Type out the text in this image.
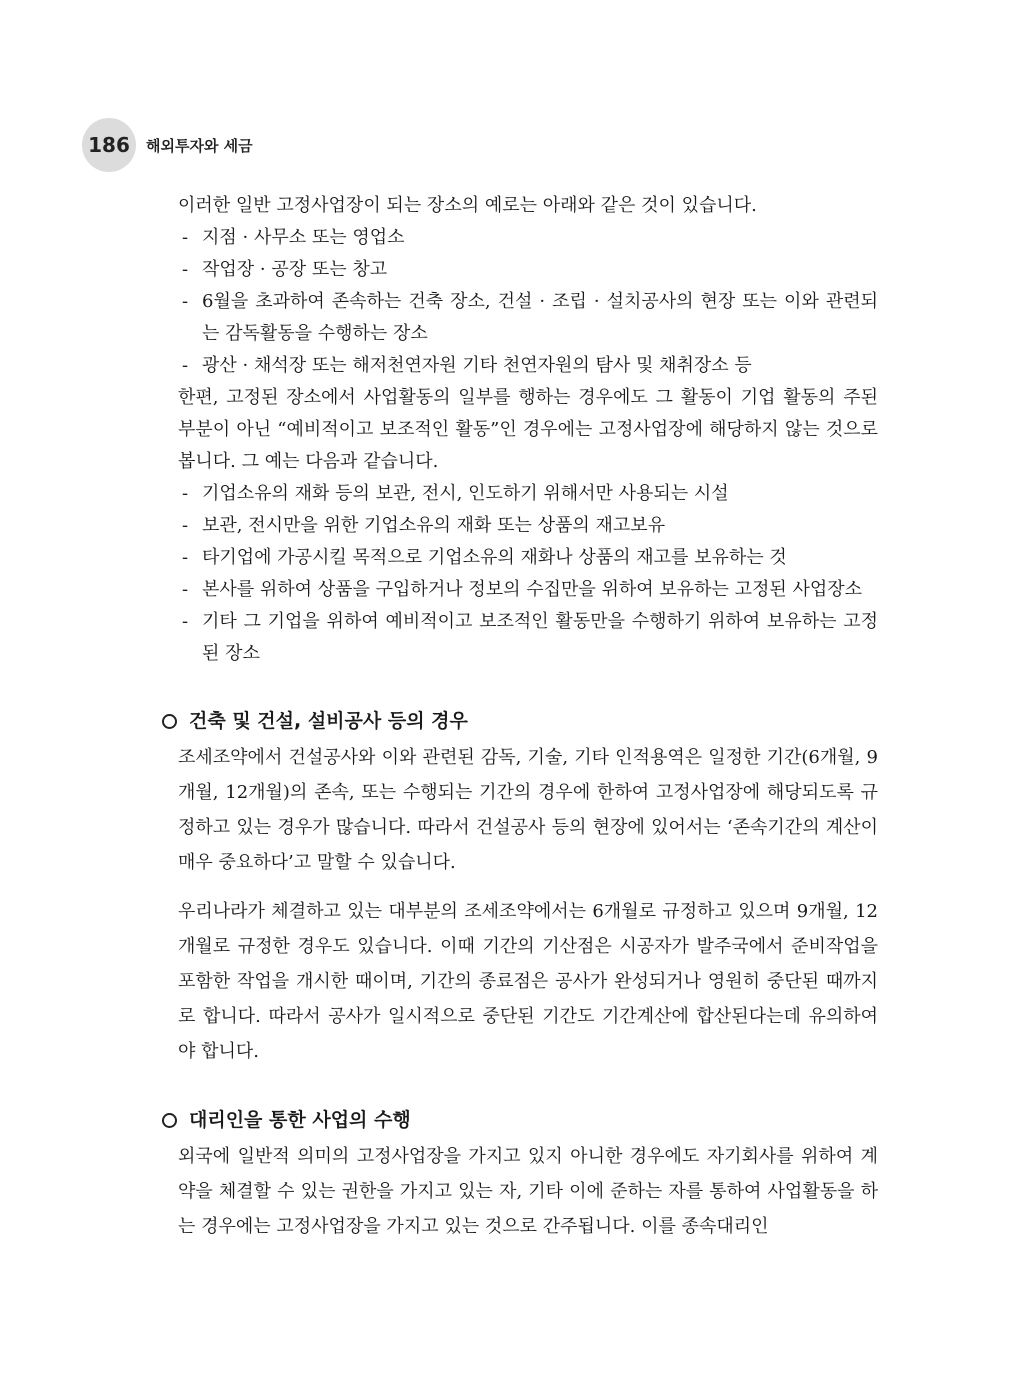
186	해외투자와 세금

이러한 일반 고정사업장이 되는 장소의 예로는 아래와 같은 것이 있습니다.

- 지점 · 사무소 또는 영업소
- 작업장 · 공장 또는 창고
- 6월을 초과하여 존속하는 건축 장소, 건설 · 조립 · 설치공사의 현장 또는 이와 관련되는 감독활동을 수행하는 장소
- 광산 · 채석장 또는 해저천연자원 기타 천연자원의 탐사 및 채취장소 등

한편, 고정된 장소에서 사업활동의 일부를 행하는 경우에도 그 활동이 기업 활동의 주된 부분이 아닌 “예비적이고 보조적인 활동”인 경우에는 고정사업장에 해당하지 않는 것으로 봅니다. 그 예는 다음과 같습니다.

- 기업소유의 재화 등의 보관, 전시, 인도하기 위해서만 사용되는 시설
- 보관, 전시만을 위한 기업소유의 재화 또는 상품의 재고보유
- 타기업에 가공시킬 목적으로 기업소유의 재화나 상품의 재고를 보유하는 것
- 본사를 위하여 상품을 구입하거나 정보의 수집만을 위하여 보유하는 고정된 사업장소
- 기타 그 기업을 위하여 예비적이고 보조적인 활동만을 수행하기 위하여 보유하는 고정된 장소
건축 및 건설, 설비공사 등의 경우

조세조약에서 건설공사와 이와 관련된 감독, 기술, 기타 인적용역은 일정한 기간(6개월, 9개월, 12개월)의 존속, 또는 수행되는 기간의 경우에 한하여 고정사업장에 해당되도록 규정하고 있는 경우가 많습니다. 따라서 건설공사 등의 현장에 있어서는 ‘존속기간의 계산이 매우 중요하다’고 말할 수 있습니다.

우리나라가 체결하고 있는 대부분의 조세조약에서는 6개월로 규정하고 있으며 9개월, 12개월로 규정한 경우도 있습니다. 이때 기간의 기산점은 시공자가 발주국에서 준비작업을 포함한 작업을 개시한 때이며, 기간의 종료점은 공사가 완성되거나 영원히 중단된 때까지로 합니다. 따라서 공사가 일시적으로 중단된 기간도 기간계산에 합산된다는데 유의하여야 합니다.

대리인을 통한 사업의 수행

외국에 일반적 의미의 고정사업장을 가지고 있지 아니한 경우에도 자기회사를 위하여 계약을 체결할 수 있는 권한을 가지고 있는 자, 기타 이에 준하는 자를 통하여 사업활동을 하는 경우에는 고정사업장을 가지고 있는 것으로 간주됩니다. 이를 종속대리인
